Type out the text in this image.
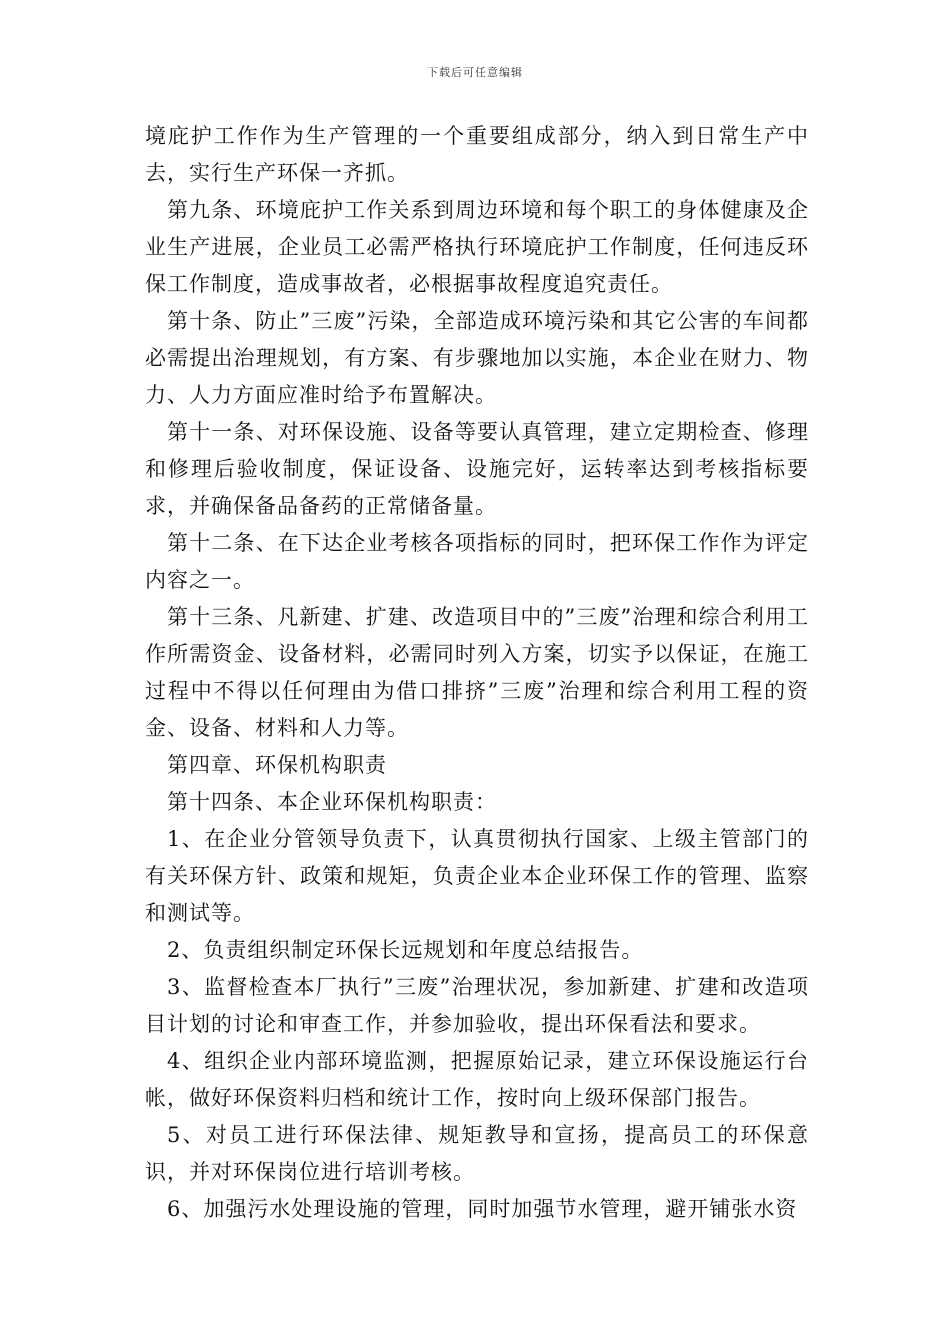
下载后可任意编辑

境庇护工作作为生产管理的一个重要组成部分，纳入到日常生产中去，实行生产环保一齐抓。

第九条、环境庇护工作关系到周边环境和每个职工的身体健康及企业生产进展，企业员工必需严格执行环境庇护工作制度，任何违反环保工作制度，造成事故者，必根据事故程度追究责任。

第十条、防止”三废”污染，全部造成环境污染和其它公害的车间都必需提出治理规划，有方案、有步骤地加以实施，本企业在财力、物力、人力方面应准时给予布置解决。

第十一条、对环保设施、设备等要认真管理，建立定期检查、修理和修理后验收制度，保证设备、设施完好，运转率达到考核指标要求，并确保备品备药的正常储备量。

第十二条、在下达企业考核各项指标的同时，把环保工作作为评定内容之一。

第十三条、凡新建、扩建、改造项目中的”三废”治理和综合利用工作所需资金、设备材料，必需同时列入方案，切实予以保证，在施工过程中不得以任何理由为借口排挤”三废”治理和综合利用工程的资金、设备、材料和人力等。

第四章、环保机构职责

第十四条、本企业环保机构职责：

1、在企业分管领导负责下，认真贯彻执行国家、上级主管部门的有关环保方针、政策和规矩，负责企业本企业环保工作的管理、监察和测试等。

2、负责组织制定环保长远规划和年度总结报告。

3、监督检查本厂执行”三废”治理状况，参加新建、扩建和改造项目计划的讨论和审查工作，并参加验收，提出环保看法和要求。

4、组织企业内部环境监测，把握原始记录，建立环保设施运行台帐，做好环保资料归档和统计工作，按时向上级环保部门报告。

5、对员工进行环保法律、规矩教导和宣扬，提高员工的环保意识，并对环保岗位进行培训考核。

6、加强污水处理设施的管理，同时加强节水管理，避开铺张水资
